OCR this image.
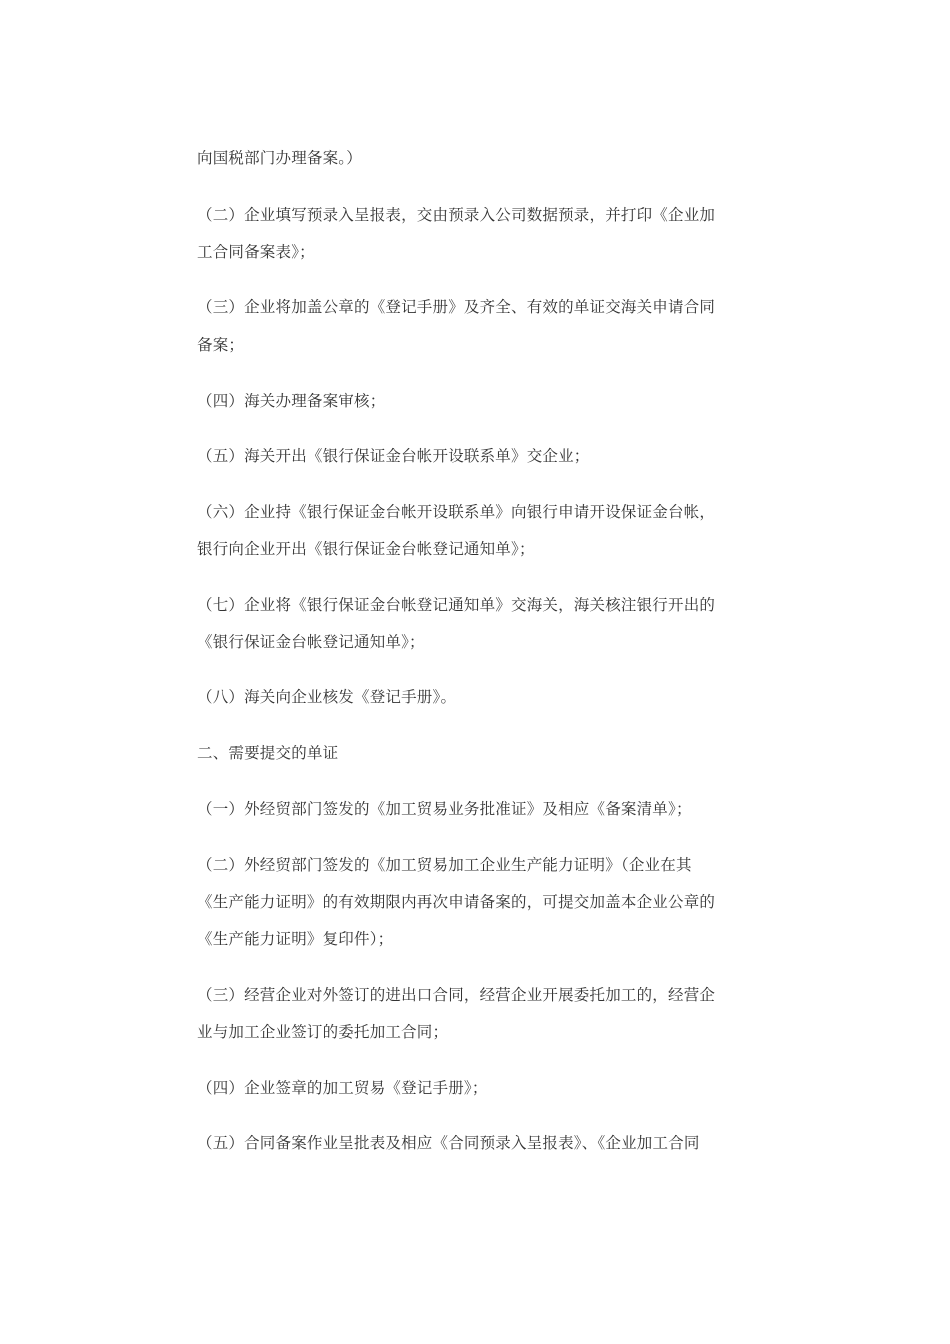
向国税部门办理备案。）
（二）企业填写预录入呈报表，交由预录入公司数据预录，并打印《企业加
工合同备案表》；
（三）企业将加盖公章的《登记手册》及齐全、有效的单证交海关申请合同
备案；
（四）海关办理备案审核；
（五）海关开出《银行保证金台帐开设联系单》交企业；
（六）企业持《银行保证金台帐开设联系单》向银行申请开设保证金台帐，
银行向企业开出《银行保证金台帐登记通知单》；
（七）企业将《银行保证金台帐登记通知单》交海关，海关核注银行开出的
《银行保证金台帐登记通知单》；
（八）海关向企业核发《登记手册》。
二、需要提交的单证
（一）外经贸部门签发的《加工贸易业务批准证》及相应《备案清单》；
（二）外经贸部门签发的《加工贸易加工企业生产能力证明》（企业在其
《生产能力证明》的有效期限内再次申请备案的，可提交加盖本企业公章的
《生产能力证明》复印件）；
（三）经营企业对外签订的进出口合同，经营企业开展委托加工的，经营企
业与加工企业签订的委托加工合同；
（四）企业签章的加工贸易《登记手册》；
（五）合同备案作业呈批表及相应《合同预录入呈报表》、《企业加工合同
